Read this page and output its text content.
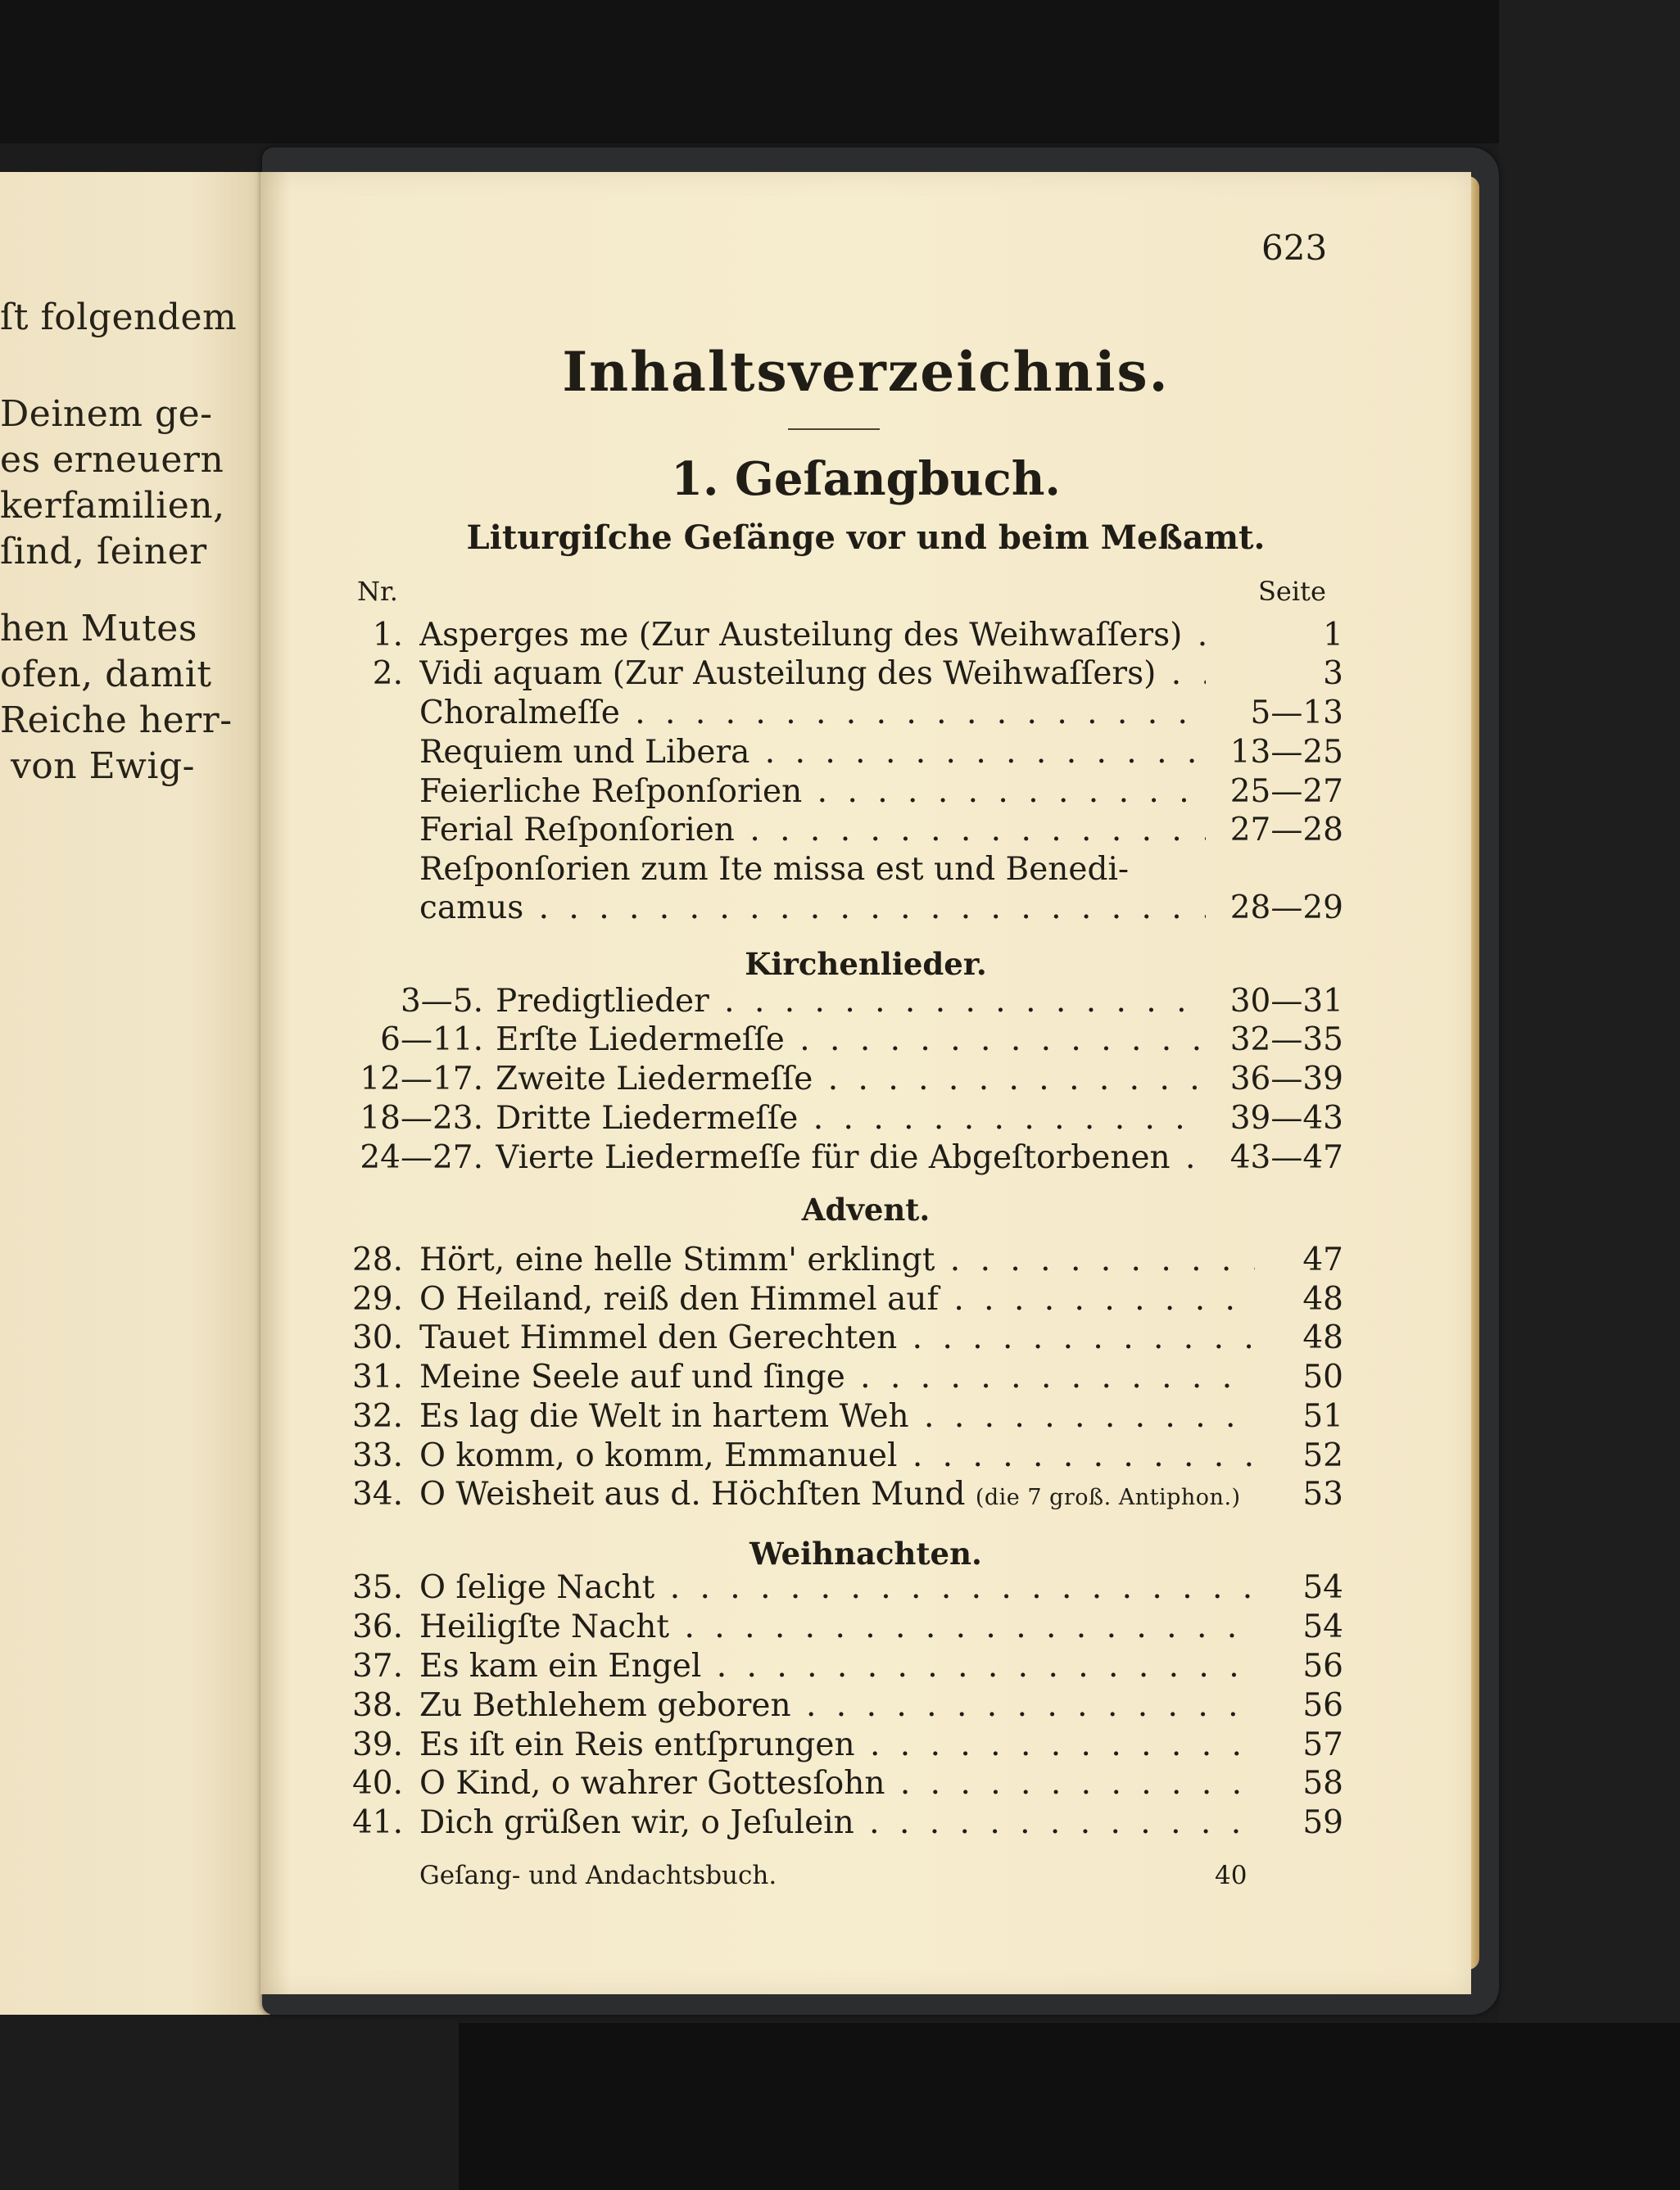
ſt folgendem
Deinem ge-
es erneuern
kerfamilien,
ſind, ſeiner
hen Mutes
ofen, damit
Reiche herr-
von Ewig-
623
Inhaltsverzeichnis.
1. Geſangbuch.
Liturgiſche Geſänge vor und beim Meßamt.
Nr.	Seite
1. Asperges me (Zur Austeilung des Weihwaſſers) . . .	1
2. Vidi aquam (Zur Austeilung des Weihwaſſers) . . .	3
Choralmeſſe . . .	5—13
Requiem und Libera . . .	13—25
Feierliche Reſponſorien . . .	25—27
Ferial Reſponſorien . . .	27—28
Reſponſorien zum Ite missa est und Benedi-
camus . . .	28—29
Kirchenlieder.
3—5. Predigtlieder . . .	30—31
6—11. Erſte Liedermeſſe . . .	32—35
12—17. Zweite Liedermeſſe . . .	36—39
18—23. Dritte Liedermeſſe . . .	39—43
24—27. Vierte Liedermeſſe für die Abgeſtorbenen . . .	43—47
Advent.
28. Hört, eine helle Stimm' erklingt . . .	47
29. O Heiland, reiß den Himmel auf . . .	48
30. Tauet Himmel den Gerechten . . .	48
31. Meine Seele auf und ſinge . . .	50
32. Es lag die Welt in hartem Weh . . .	51
33. O komm, o komm, Emmanuel . . .	52
34. O Weisheit aus d. Höchſten Mund (die 7 groß. Antiphon.)	53
Weihnachten.
35. O ſelige Nacht . . .	54
36. Heiligſte Nacht . . .	54
37. Es kam ein Engel . . .	56
38. Zu Bethlehem geboren . . .	56
39. Es iſt ein Reis entſprungen . . .	57
40. O Kind, o wahrer Gottesſohn . . .	58
41. Dich grüßen wir, o Jeſulein . . .	59
Geſang- und Andachtsbuch.	40
